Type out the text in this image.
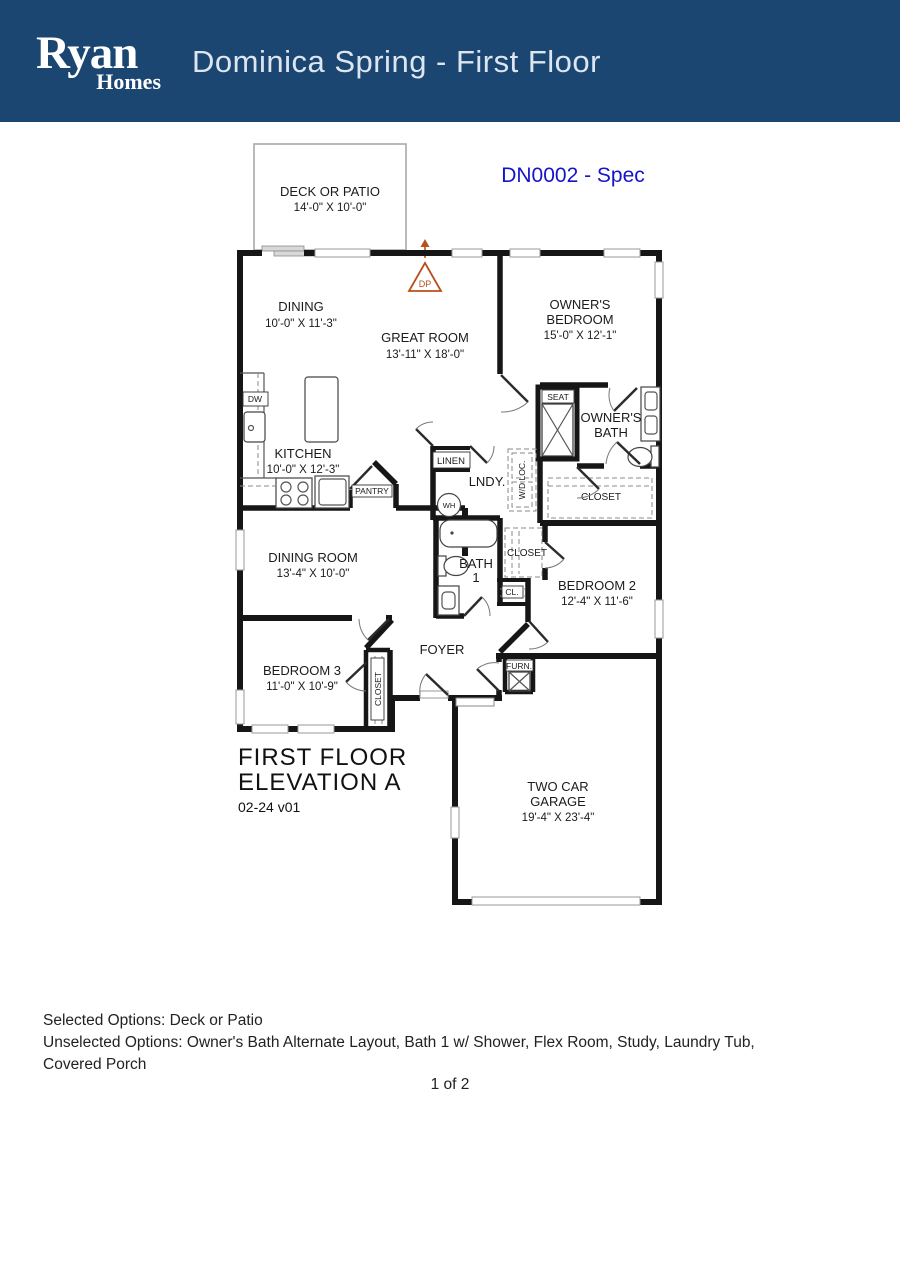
Ryan
Homes
Dominica Spring - First Floor
DN0002 - Spec
DECK OR PATIO
14'-0" X 10'-0"
DP
SEAT
FURN.
LINEN
CL.
CLOSET
CLOSET
CLOSET
W/D LOC.
WH
DW
PANTRY
DINING
10'-0" X 11'-3"
GREAT ROOM
13'-11" X 18'-0"
OWNER'S
BEDROOM
15'-0" X 12'-1"
KITCHEN
10'-0" X 12'-3"
OWNER'S
BATH
LNDY.
DINING ROOM
13'-4" X 10'-0"
BATH
1
BEDROOM 2
12'-4" X 11'-6"
FOYER
BEDROOM 3
11'-0" X 10'-9"
TWO CAR
GARAGE
19'-4" X 23'-4"
FIRST FLOOR
ELEVATION A
02-24 v01
Selected Options: Deck or Patio
Unselected Options: Owner's Bath Alternate Layout, Bath 1 w/ Shower, Flex Room, Study, Laundry Tub,
Covered Porch
1 of 2
